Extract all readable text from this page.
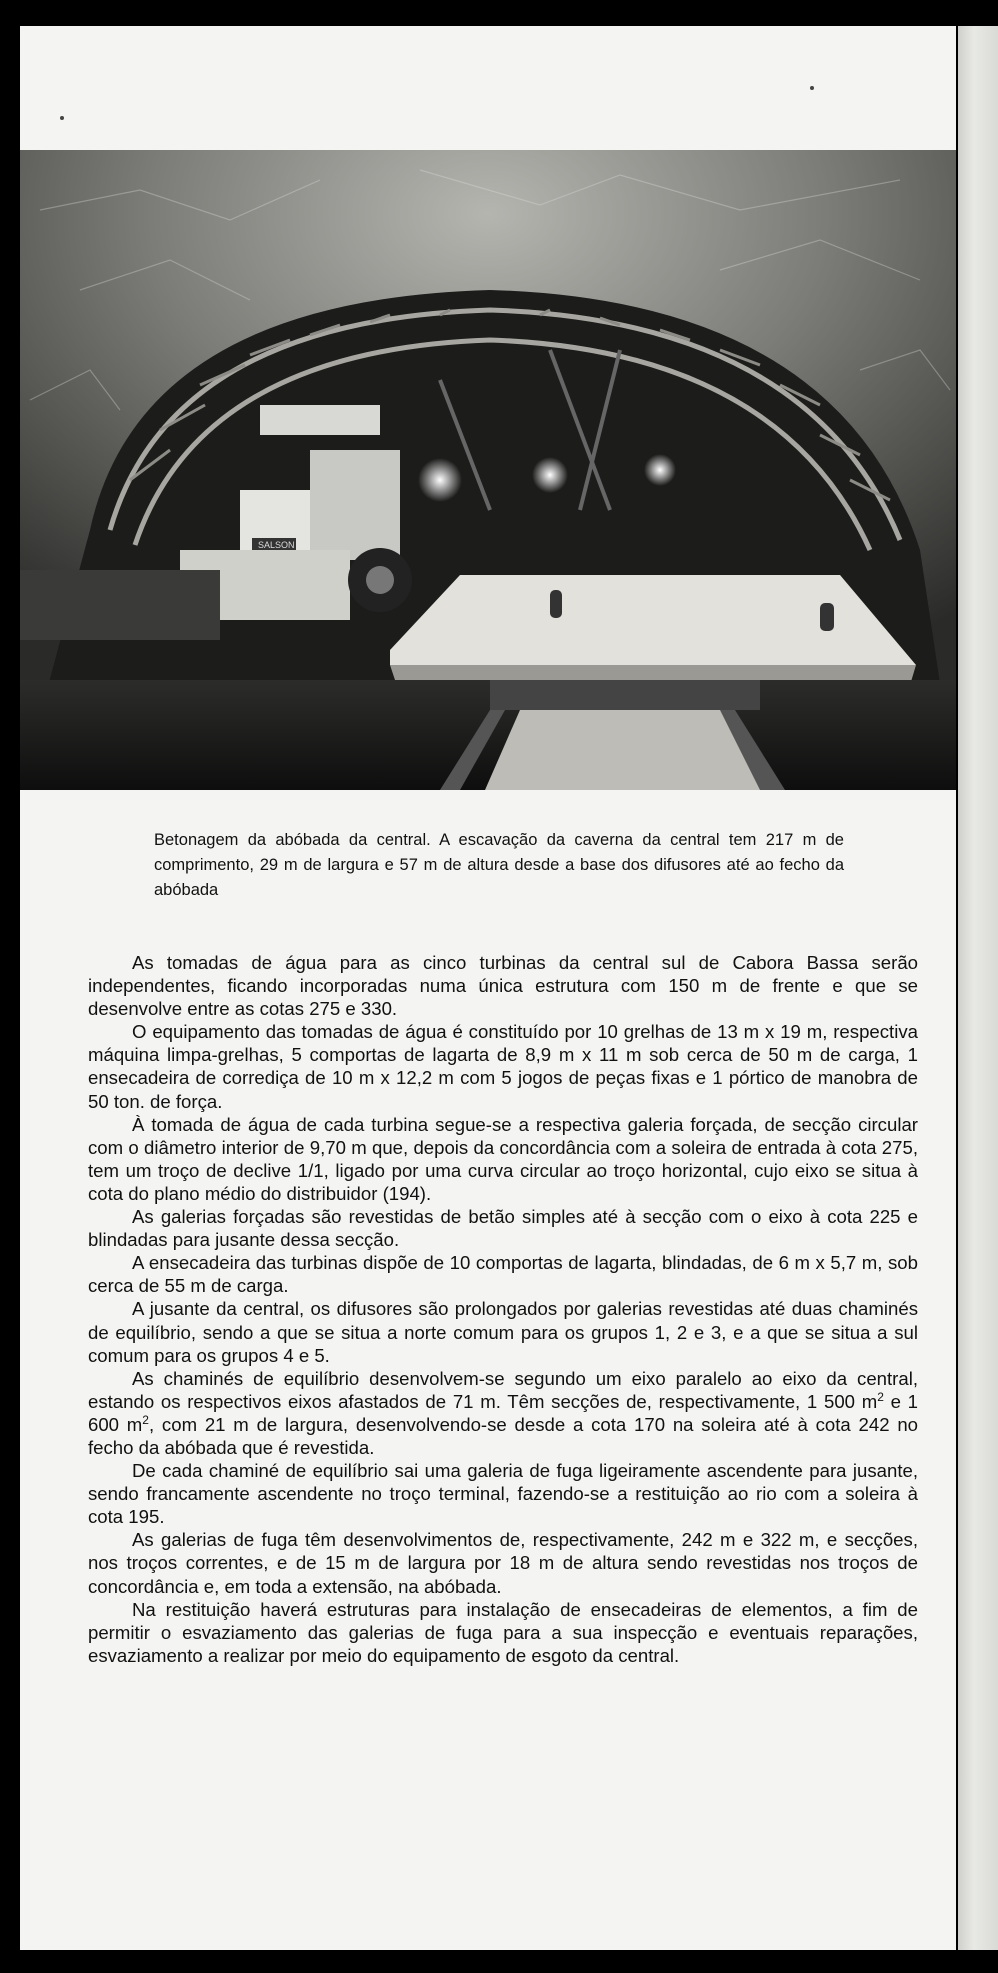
SALSON
Betonagem da abóbada da central. A escavação da caverna da central tem 217 m de comprimento, 29 m de largura e 57 m de altura desde a base dos difusores até ao fecho da abóbada

As tomadas de água para as cinco turbinas da central sul de Cabora Bassa serão independentes, ficando incorporadas numa única estrutura com 150 m de frente e que se desenvolve entre as cotas 275 e 330.

O equipamento das tomadas de água é constituído por 10 grelhas de 13 m x 19 m, respectiva máquina limpa-grelhas, 5 comportas de lagarta de 8,9 m x 11 m sob cerca de 50 m de carga, 1 ensecadeira de corrediça de 10 m x 12,2 m com 5 jogos de peças fixas e 1 pórtico de manobra de 50 ton. de força.

À tomada de água de cada turbina segue-se a respectiva galeria forçada, de secção circular com o diâmetro interior de 9,70 m que, depois da concordância com a soleira de entrada à cota 275, tem um troço de declive 1/1, ligado por uma curva circular ao troço horizontal, cujo eixo se situa à cota do plano médio do distribuidor (194).

As galerias forçadas são revestidas de betão simples até à secção com o eixo à cota 225 e blindadas para jusante dessa secção.

A ensecadeira das turbinas dispõe de 10 comportas de lagarta, blindadas, de 6 m x 5,7 m, sob cerca de 55 m de carga.

A jusante da central, os difusores são prolongados por galerias revestidas até duas chaminés de equilíbrio, sendo a que se situa a norte comum para os grupos 1, 2 e 3, e a que se situa a sul comum para os grupos 4 e 5.

As chaminés de equilíbrio desenvolvem-se segundo um eixo paralelo ao eixo da central, estando os respectivos eixos afastados de 71 m. Têm secções de, respectivamente, 1 500 $m^2$ e 1 600 $m^2$, com 21 m de largura, desenvolvendo-se desde a cota 170 na soleira até à cota 242 no fecho da abóbada que é revestida.

De cada chaminé de equilíbrio sai uma galeria de fuga ligeiramente ascendente para jusante, sendo francamente ascendente no troço terminal, fazendo-se a restituição ao rio com a soleira à cota 195.

As galerias de fuga têm desenvolvimentos de, respectivamente, 242 m e 322 m, e secções, nos troços correntes, e de 15 m de largura por 18 m de altura sendo revestidas nos troços de concordância e, em toda a extensão, na abóbada.

Na restituição haverá estruturas para instalação de ensecadeiras de elementos, a fim de permitir o esvaziamento das galerias de fuga para a sua inspecção e eventuais reparações, esvaziamento a realizar por meio do equipamento de esgoto da central.
